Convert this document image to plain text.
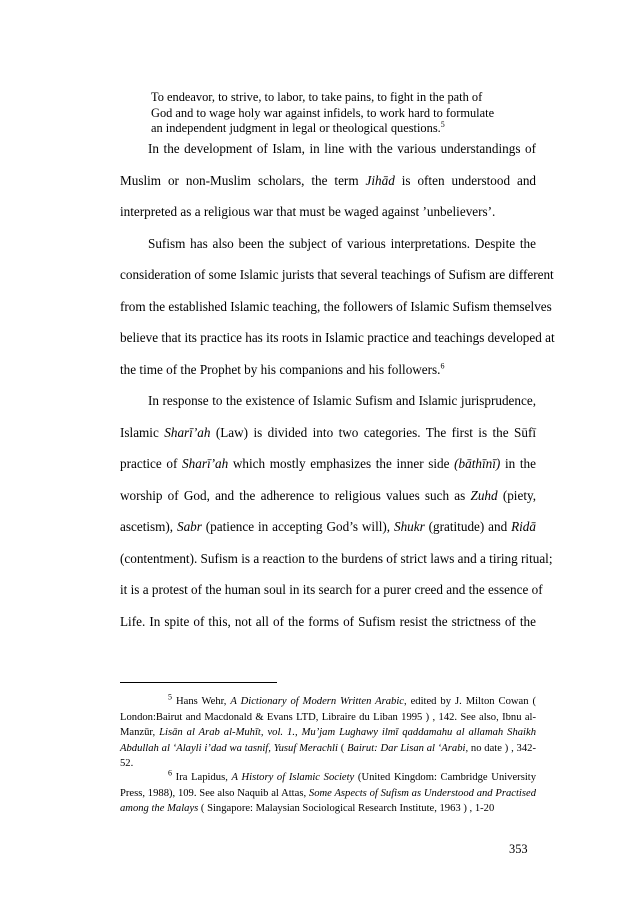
To endeavor, to strive, to labor, to take pains, to fight in the path of
God and to wage holy war against infidels, to work hard to formulate
an independent judgment in legal or theological questions.$^5$
In the development of Islam, in line with the various understandings of
Muslim or non-Muslim scholars, the term Jihād is often understood and
interpreted as a religious war that must be waged against ’unbelievers’.
Sufism has also been the subject of various interpretations. Despite the
consideration of some Islamic jurists that several teachings of Sufism are different
from the established Islamic teaching, the followers of Islamic Sufism themselves
believe that its practice has its roots in Islamic practice and teachings developed at
the time of the Prophet by his companions and his followers.$^6$
In response to the existence of Islamic Sufism and Islamic jurisprudence,
Islamic Sharī’ah (Law) is divided into two categories. The first is the Sūfī
practice of Sharī’ah which mostly emphasizes the inner side (bāthīnī) in the
worship of God, and the adherence to religious values such as Zuhd (piety,
ascetism), Sabr (patience in accepting God’s will), Shukr (gratitude) and Ridā
(contentment). Sufism is a reaction to the burdens of strict laws and a tiring ritual;
it is a protest of the human soul in its search for a purer creed and the essence of
Life. In spite of this, not all of the forms of Sufism resist the strictness of the
$^5$ Hans Wehr, A Dictionary of Modern Written Arabic, edited by J. Milton Cowan (
London:Bairut and Macdonald & Evans LTD, Libraire du Liban 1995 ) , 142. See also, Ibnu al-
Manzūr, Lisān al Arab al-Muhīt, vol. 1., Mu’jam Lughawy ilmī qaddamahu al allamah Shaikh
Abdullah al ‘Alayli i’dad wa tasnif, Yusuf Merachli ( Bairut: Dar Lisan al ‘Arabi, no date ) , 342-
52.
$^6$ Ira Lapidus, A History of Islamic Society (United Kingdom: Cambridge University
Press, 1988), 109. See also Naquib al Attas, Some Aspects of Sufism as Understood and Practised
among the Malays ( Singapore: Malaysian Sociological Research Institute, 1963 ) , 1-20
353
